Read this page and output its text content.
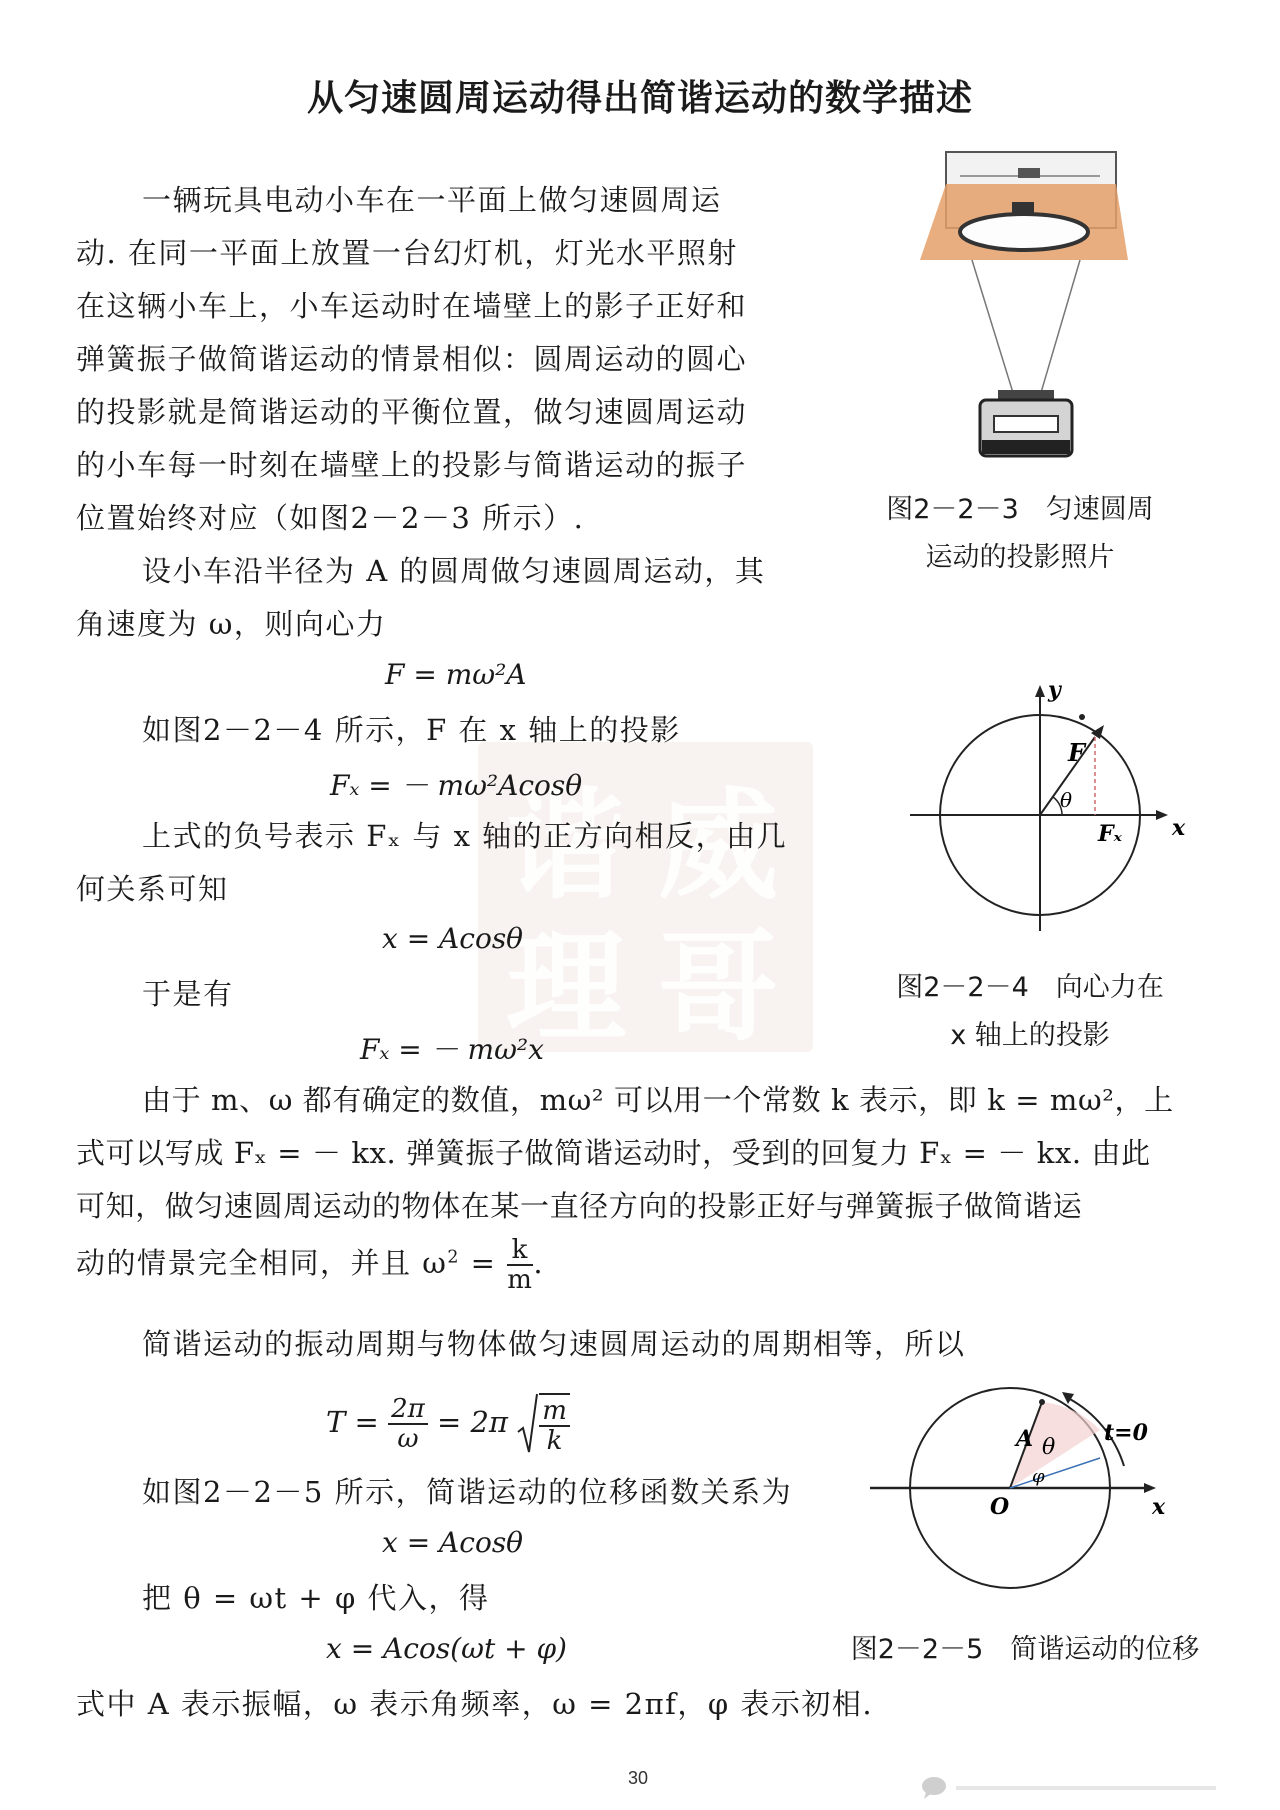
从匀速圆周运动得出简谐运动的数学描述
谐 威
理 哥
一辆玩具电动小车在一平面上做匀速圆周运
动. 在同一平面上放置一台幻灯机，灯光水平照射
在这辆小车上，小车运动时在墙壁上的影子正好和
弹簧振子做简谐运动的情景相似：圆周运动的圆心
的投影就是简谐运动的平衡位置，做匀速圆周运动
的小车每一时刻在墙壁上的投影与简谐运动的振子
位置始终对应（如图2－2－3 所示）.
设小车沿半径为 A 的圆周做匀速圆周运动，其
角速度为 ω，则向心力
F = mω²A
如图2－2－4 所示，F 在 x 轴上的投影
Fₓ = － mω²Acosθ
上式的负号表示 Fₓ 与 x 轴的正方向相反，由几
何关系可知
x = Acosθ
于是有
Fₓ = － mω²x
由于 m、ω 都有确定的数值，mω² 可以用一个常数 k 表示，即 k = mω²，上
式可以写成 Fₓ = － kx. 弹簧振子做简谐运动时，受到的回复力 Fₓ = － kx. 由此
可知，做匀速圆周运动的物体在某一直径方向的投影正好与弹簧振子做简谐运
动的情景完全相同，并且 $\omega^2 = \frac{k}{m}$ .
简谐运动的振动周期与物体做匀速圆周运动的周期相等，所以
$T = \frac{2\pi}{\omega} = 2\pi \frac{m}{k}$
如图2－2－5 所示，简谐运动的位移函数关系为
x = Acosθ
把 θ = ωt + φ 代入，得
x = Acos(ωt + φ)
式中 A 表示振幅，ω 表示角频率，ω = 2πf，φ 表示初相.
图2－2－3　匀速圆周
运动的投影照片
y
x
F
θ
Fₓ
图2－2－4　向心力在
x 轴上的投影
A θ
φ
O	x
t=0
图2－2－5　简谐运动的位移
30
